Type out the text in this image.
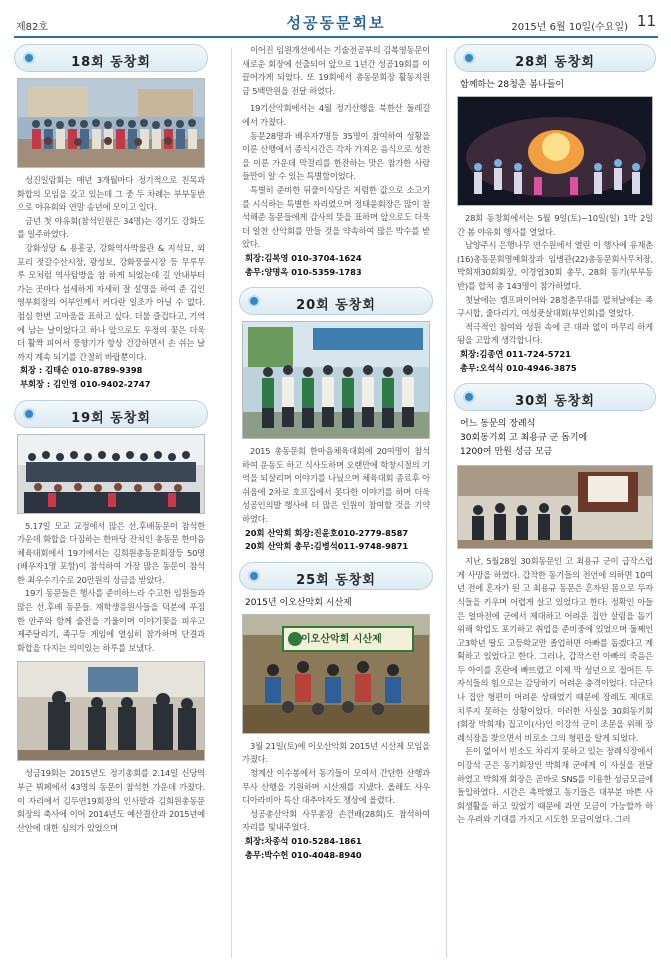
제82호	성공동문회보	2015년 6월 10일(수요일) 11
18회 동창회

성진일람회는 매년 3개월마다 정기적으로 친목과 화합의 모임을 갖고 있는데 그 중 두 차례는 부부동반으로 야유회와 연말 송년에 모이고 있다.

금년 첫 야유회(참석인원은 34명)는 경기도 강화도를 일주하였다.

강화성당 & 용흥궁, 강화역사박물관 & 지석묘, 외포리 젓갈수산시장, 광성보, 강화풍물시장 등 무루무루 모처럼 역사탐방을 참 하게 되었는데 길 안내부터 가는 곳마다 섬세하게 자세히 잘 설명을 하여 준 김인영부회장의 어부인께서 커다란 일조가 아닐 수 없다. 점심 한번 고마움을 표하고 싶다. 더불 즐겁다고, 기억에 남는 날이었다고 하나 앞으로도 우정의 꽃은 더욱더 활짝 피어서 풍향기가 항상 건강하면서 손 쉬는 날까지 계속 되기를 간절히 바랍뿐이다.

회장 : 김태순 010-8789-9398
부회장 : 김인영 010-9402-2747
19회 동창회

5.17일 모교 교정에서 많은 선.후배동문이 참석한 가운데 화합을 다짐하는 한마당 잔치인 총동문 한마음체육대회에서 19기에서는 김희원총동문회장등 50명(배우자1명 포함)이 참석하여 가장 많은 동문이 참석한 최우수기수로 20만원의 상금을 받았다.

19기 동문들은 행사를 준비하느라 수고한 임원들과 많은 선.후배 동문들. 재학생응원사들을 덕분에 푸짐한 안주와 함께 술잔을 기울이며 이야기꽃을 피우고 제주달리기, 족구등 게임에 열심히 참가하며 단결과 화합을 다지는 의미있는 하루를 보냈다.

성금19회는 2015년도 정기총회를 2.14일 신당역부근 뷔페에서 43명의 동문이 참석한 가운데 가졌다. 이 자리에서 김두연19회장의 인사말과 김희원총동문회장의 축사에 이어 2014년도 예산결산과 2015년예산안에 대한 심의가 있었으며

이어진 임원개선에서는 기술전공부의 김복영동문이 새로운 회장에 선출되어 앞으로 1년간 성공19회를 이끌어가게 되었다. 또 19회에서 총동문회장 활동지원금 5백만원을 전달 하였다.

19기산악회에서는 4월 정기산행을 북한산 둘레길에서 가졌다.

동문28명과 배우자7명등 35명이 참여하여 성황을 이룬 산행에서 증식시간은 각자 가져온 음식으로 성찬을 이룬 가운데 막걸리를 한잔하는 맛은 참가한 사람들만이 알 수 있는 특별함이었다.

특별히 준비한 뒤풀이식당은 저렴한 값으로 소고기를 시식하는 특별한 자리였으며 정태윤회장은 많이 참석해준 동문들에게 감사의 뜻을 표하며 앞으로도 더욱더 알찬 산악회를 만들 것을 약속하여 많은 박수를 받았다.

회장:김복영 010-3704-1624
총무:양명옥 010-5359-1783
20회 동창회

2015 총동문회 한마음체육대회에 20여명이 참석하여 운동도 하고 식사도하며 오랜만에 학창시절의 기억을 되살리며 이야기를 나눴으며 체육대회 종료후 아쉬움에 2차로 호프집에서 못다한 이야기를 하며 더욱 성공인의발 행사에 더 많은 인원이 참여할 것을 기약하였다.

20회 산악회 회장:진윤호010-2779-8587
20회 산악회 총무:김병석011-9748-9871
25회 동창회
2015년 이오산악회 시산제
이오산악회 시산제

3월 21일(토)에 이오산악회 2015년 시산제 모임을 가졌다.

청계산 이수봉에서 동기들이 모여서 간단한 산행과 무사 산행을 기원하며 시산제를 지냈다. 올해도 사우디아라비아 특산 대추야자도 챙상에 올렸다.

성공총산악회 사무총장 손건배(28회)도 참석하여 자리를 빛내주었다.

회장:차종석 010-5284-1861
총무:박수헌 010-4048-8940
28회 동창회
함께하는 28청춘 봄나들이

28회 동창회에서는 5월 9일(토)~10일(일) 1박 2일간 봄 야유회 행사를 열었다.

남양주시 은행나무 연수원에서 열린 이 행사에 유재춘(16)총동문회명예회장과 임병관(22)총동문회사무처장, 박희재30회회장, 이경엽30회 총무, 28회 동기(부부동반)를 합쳐 총 143명이 참가하였다.

첫날에는 캠프파이어와 28청춘무대를 펼쳐날에는 족구시합, 줄다리기, 여성풋살대회(부인회)를 열었다.

적극적인 참여와 성원 속에 큰 대과 없이 마무리 하게 됨을 고맙게 생각합니다.

회장:김종연 011-724-5721
총무:오석식 010-4946-3875
30회 동창회
어느 동문의 장례식
30회동기회 고 최용규 군 돕기에
1200여 만원 성금 모금

지난, 5월28일 30회동문인 고 최용규 군이 급작스럽게 사망을 하였다. 갑작한 동기들의 전언에 의하면 10여년 전에 혼자가 된 고 최용규 동문은 혼자된 몸으로 두자식들을 키우며 어렵게 살고 있었다고 한다. 정확인 아들은 얼마전에 군에서 제대하고 어려운 집안 살림을 돕기 위해 학업도 포기하고 취업을 준비중에 있었으며 둘째인 고3학년 딸도 고등학교만 졸업하면 아빠를 돕겠다고 계획하고 있었다고 한다. 그러나, 갑작스런 아빠의 죽음은 두 아이를 혼란에 빠뜨렸고 이제 막 성년으로 접어든 두자식들의 힘으로는 감당하기 어려운 충격이었다. 더군다나 집안 형편이 어려운 상태였기 때문에 장례도 제대로 치루지 못하는 상황이었다. 이러한 사실을 30회동기회(회장 박희재) 집고이(사)인 이강석 군이 조문을 위해 장례식장을 찾으면서 비로소 그의 형편을 알게 되었다.

돈이 없어서 빈소도 차리지 못하고 있는 장례식장에서 이강석 군은 동기회장인 박희재 군에게 이 사실을 전달하였고 박희재 회장은 곧바로 SNS를 이용한 성금모금에 돌입하였다. 시간은 촉박했고 동기들은 대부분 바쁜 사회생활을 하고 있었기 때문에 과연 모금이 가능할까 하는 우려와 기대를 가지고 시도한 모금이었다. 그러
